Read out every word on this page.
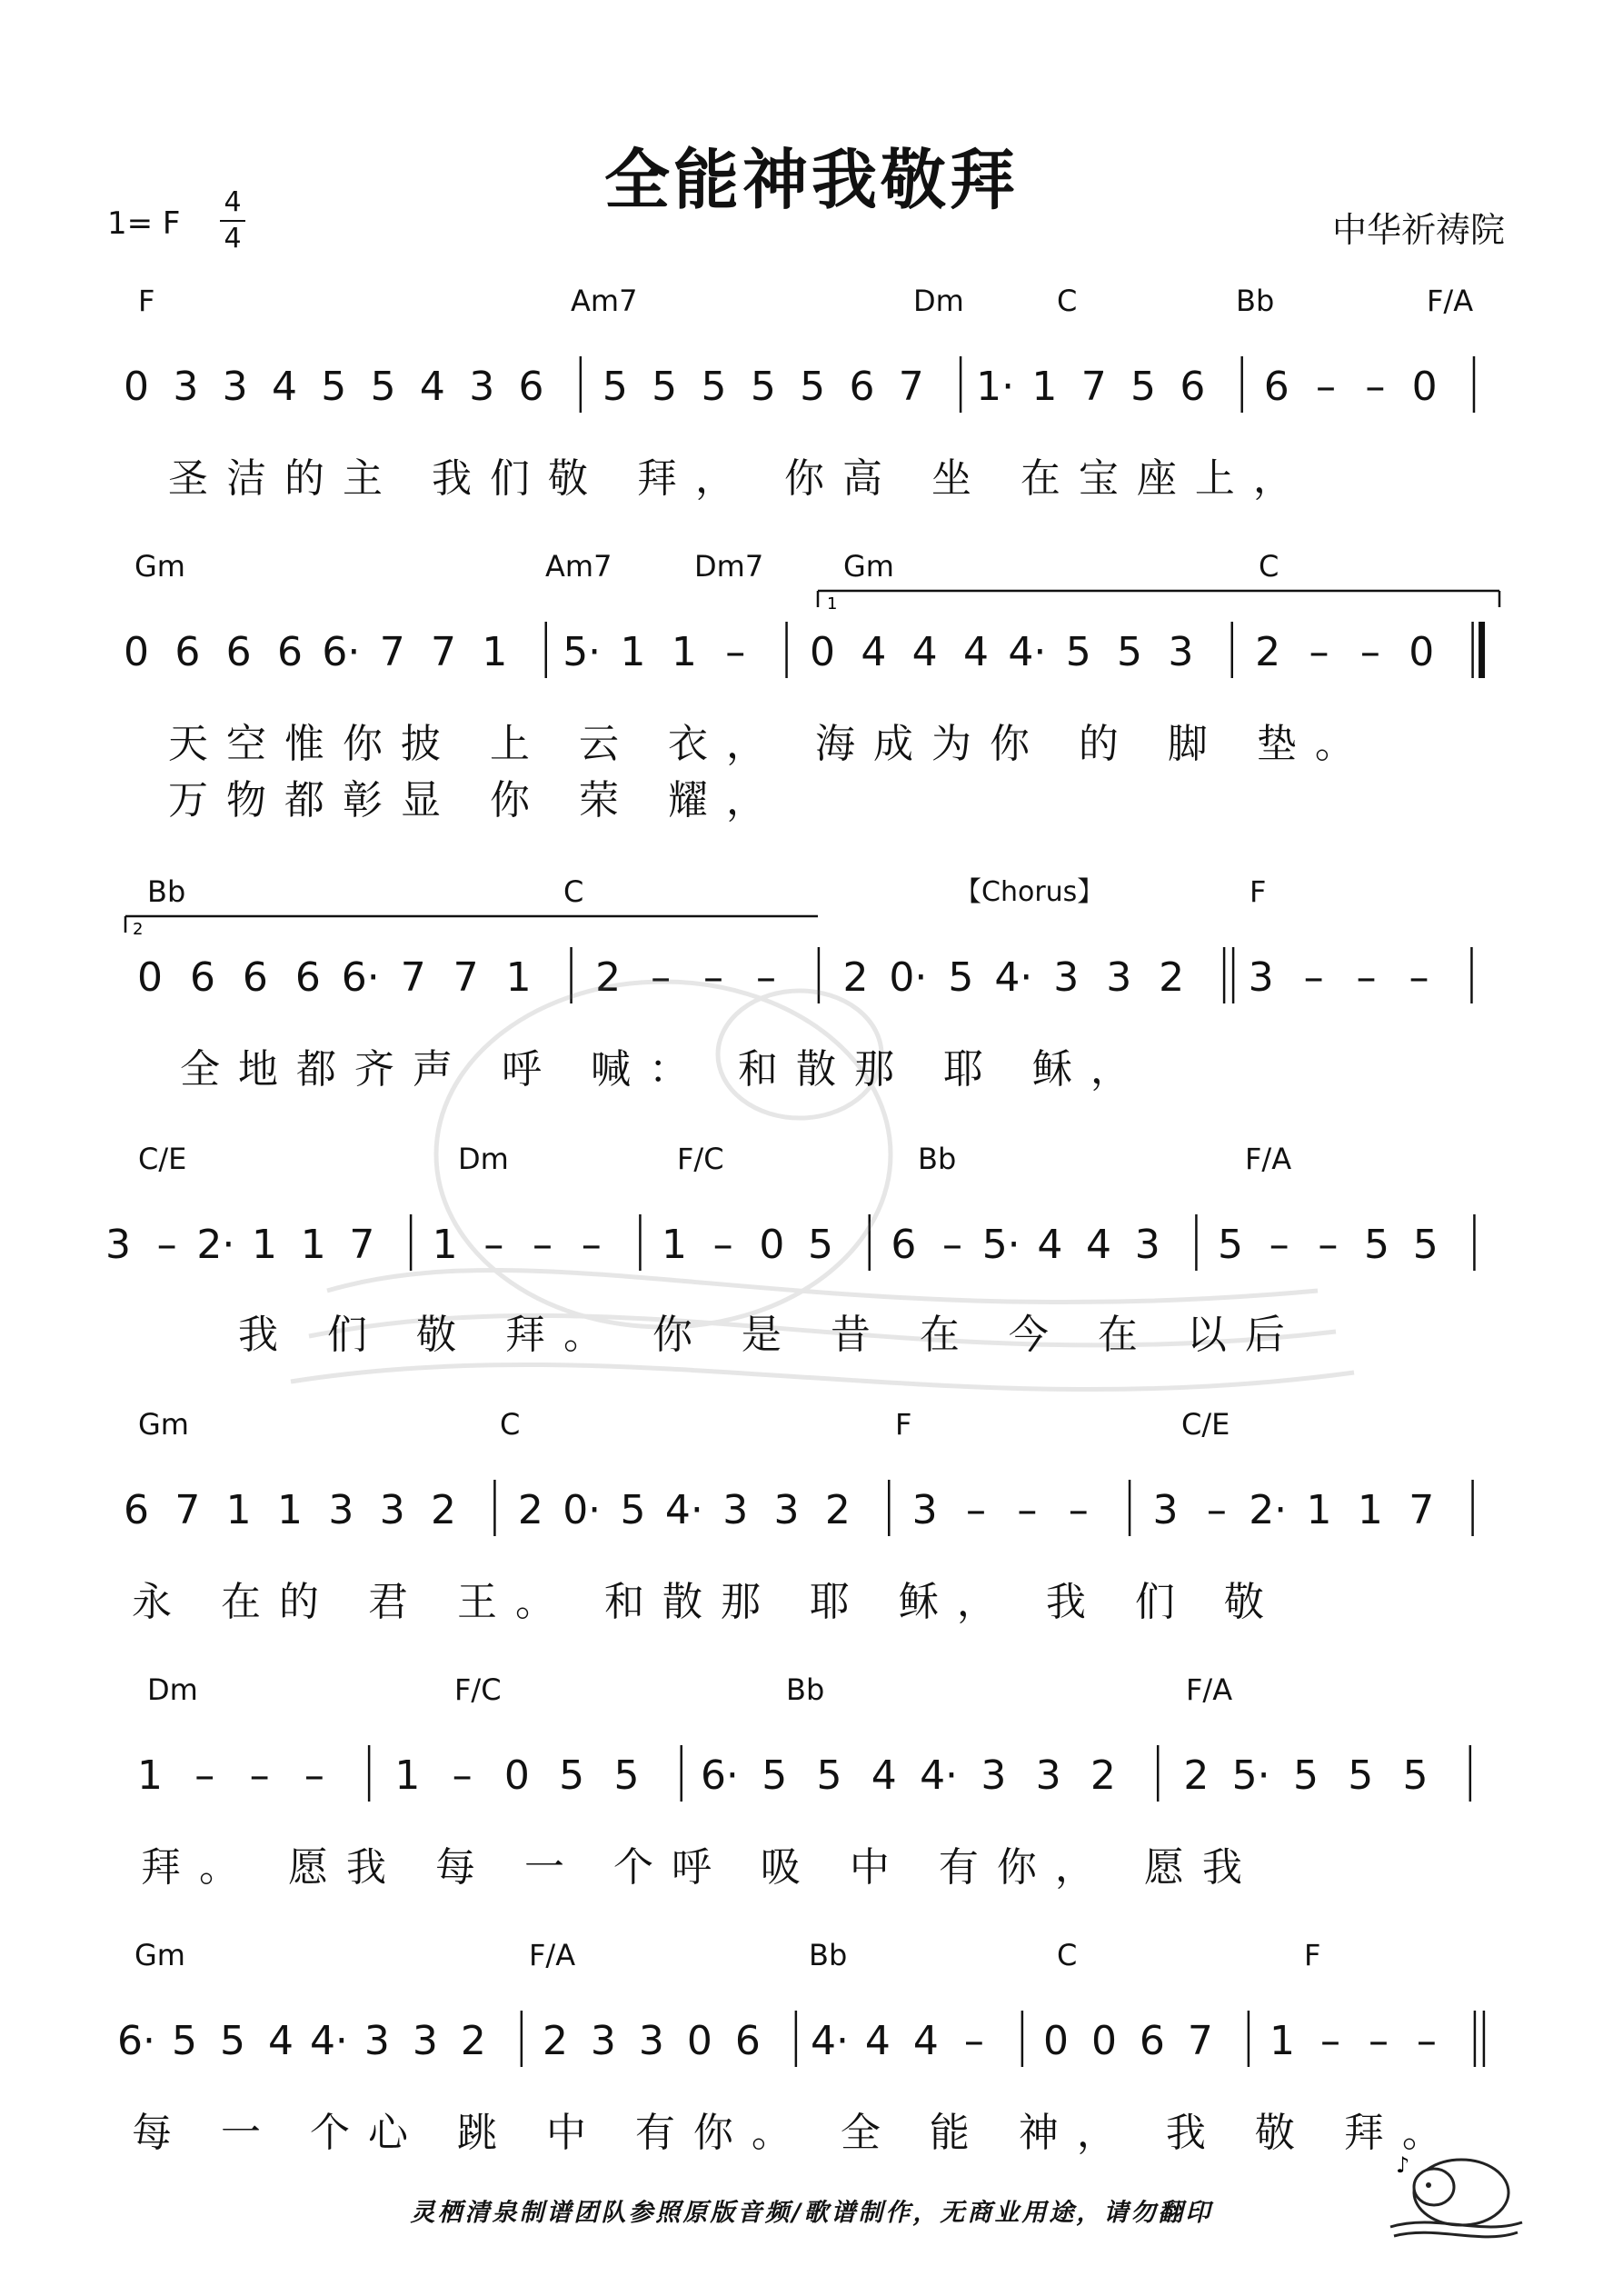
全能神我敬拜
1= F
4
4	中华祈祷院
F	Am7	Dm	C	Bb	F/A
Gm	Am7	Dm7	Gm	C
Bb	C	【Chorus】	F
C/E	Dm	F/C	Bb	F/A
Gm	C	F	C/E
Dm	F/C	Bb	F/A
Gm	F/A	Bb	C	F
0 3 3 4 5 5 4 3 6 5 5 5 5 5 6 7 1· 1 7 5 6 6 – – 0
0 6 6 6 6· 7 7 1 5· 1 1 – 0 4 4 4 4· 5 5 3 2 – – 0
0 6 6 6 6· 7 7 1 2 – – – 2 0· 5 4· 3 3 2 3 – – –
3 – 2· 1 1 7 1 – – – 1 – 0 5 6 – 5· 4 4 3 5 – – 5 5
6 7 1 1 3 3 2 2 0· 5 4· 3 3 2 3 – – – 3 – 2· 1 1 7
1 – – – 1 – 0 5 5 6· 5 5 4 4· 3 3 2 2 5· 5 5 5
6· 5 5 4 4· 3 3 2 2 3 3 0 6 4· 4 4 – 0 0 6 7 1 – – –
1
2
圣洁的主 我们敬 拜， 你高 坐 在宝座上，
天空惟你披 上 云 衣， 海成为你 的 脚 垫。
万物都彰显 你 荣 耀，
全地都齐声 呼 喊： 和散那 耶 稣，
我 们 敬 拜。 你 是 昔 在 今 在 以后
永 在的 君 王。 和散那 耶 稣， 我 们 敬
拜。 愿我 每 一 个呼 吸 中 有你， 愿我
每 一 个心 跳 中 有你。 全 能 神， 我 敬 拜。
灵栖清泉制谱团队参照原版音频/歌谱制作，无商业用途，请勿翻印
♪
